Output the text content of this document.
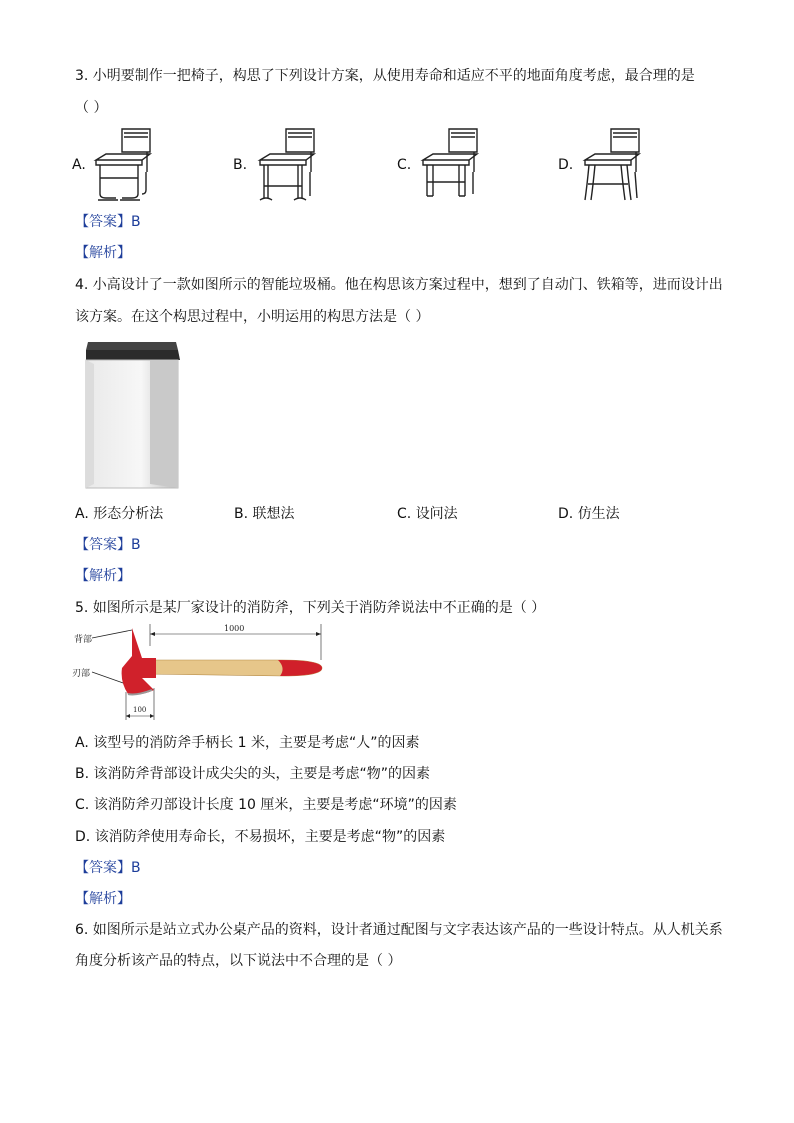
3. 小明要制作一把椅子，构思了下列设计方案，从使用寿命和适应不平的地面角度考虑，最合理的是
（ ）
A.	B.	C.	D.
【答案】B
【解析】
4. 小高设计了一款如图所示的智能垃圾桶。他在构思该方案过程中，想到了自动门、铁箱等，进而设计出
该方案。在这个构思过程中，小明运用的构思方法是（ ）
A. 形态分析法	B. 联想法	C. 设问法	D. 仿生法
【答案】B
【解析】
5. 如图所示是某厂家设计的消防斧，下列关于消防斧说法中不正确的是（ ）
背部
刃部
1000
100
A. 该型号的消防斧手柄长 1 米，主要是考虑“人”的因素
B. 该消防斧背部设计成尖尖的头，主要是考虑“物”的因素
C. 该消防斧刃部设计长度 10 厘米，主要是考虑“环境”的因素
D. 该消防斧使用寿命长，不易损坏，主要是考虑“物”的因素
【答案】B
【解析】
6. 如图所示是站立式办公桌产品的资料，设计者通过配图与文字表达该产品的一些设计特点。从人机关系
角度分析该产品的特点，以下说法中不合理的是（ ）
